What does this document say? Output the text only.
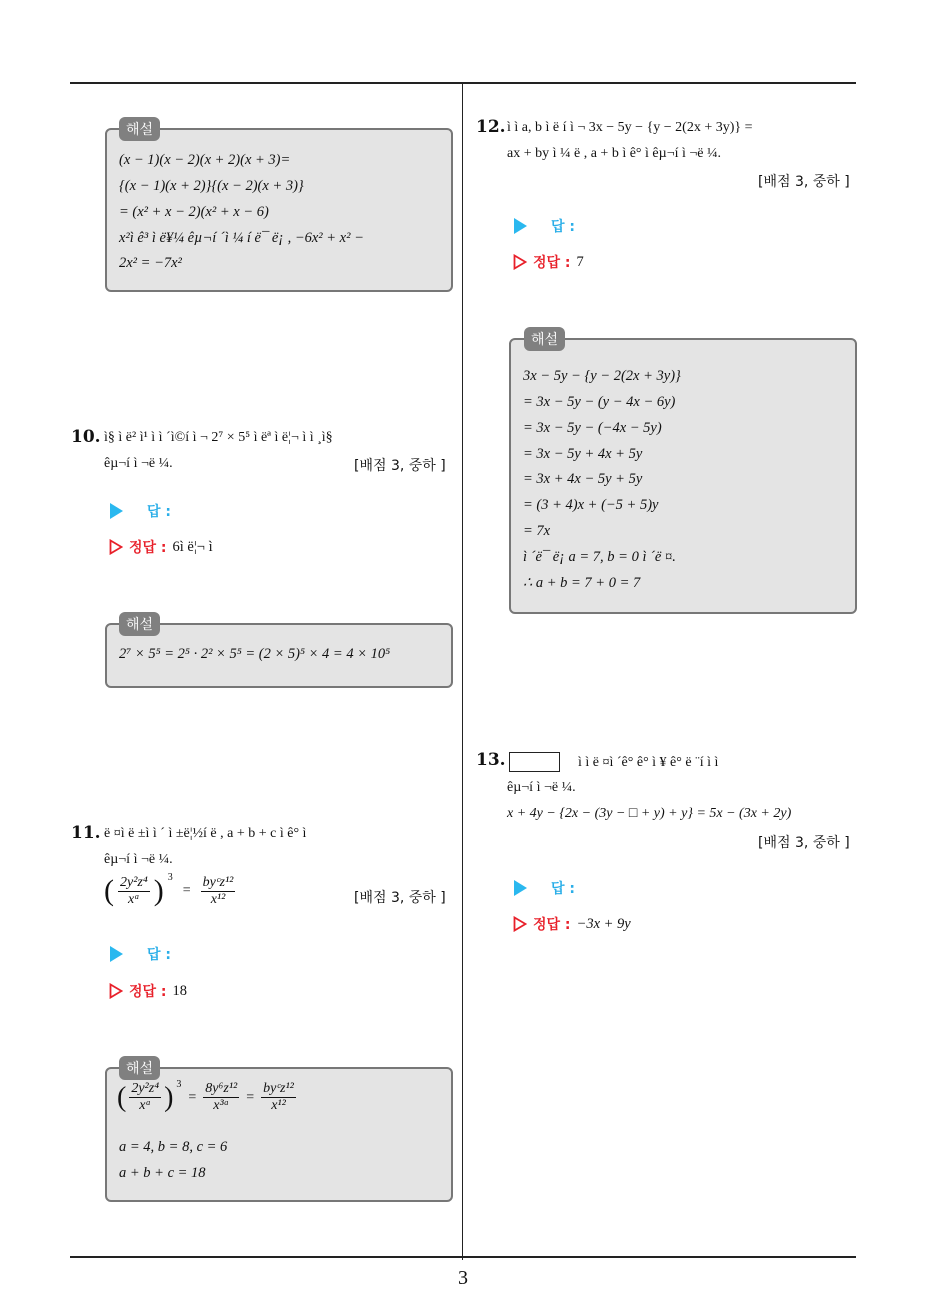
(x − 1)(x − 2)(x + 2)(x + 3)=
{(x − 1)(x + 2)}{(x − 2)(x + 3)}
= (x² + x − 2)(x² + x − 6)
x²ì ê³ ì ë¥¼ êµ¬í ´ì ¼ í ë¯ ë¡ , −6x² + x² −
2x² = −7x²
해설
10. ì§ ì ë² ì¹ ì ì ´ì©í ì ¬ 2⁷ × 5⁵ ì ëª ì ë¦¬ ì ì ¸ì§
êµ¬í ì ¬ë ¼.	[배점 3, 중하 ]
답 :
정답 : 6ì ë¦¬ ì
2⁷ × 5⁵ = 2⁵ · 2² × 5⁵ = (2 × 5)⁵ × 4 = 4 × 10⁵
해설
11. ë ¤ì ë ±ì ì ´ ì ±ë¦½í ë , a + b + c ì ê° ì
êµ¬í ì ¬ë ¼.
( $\frac{\text{2y²z⁴}}{\text{xᵃ}}$ ) 3
= $\frac{\text{byᶜz¹²}}{\text{x¹²}}$	[배점 3, 중하 ]
답 :
정답 : 18
( $\frac{\text{2y²z⁴}}{\text{xᵃ}}$ ) 3
= $\frac{\text{8y⁶z¹²}}{\text{x³ᵃ}} = \frac{\text{byᶜz¹²}}{\text{x¹²}}$
a = 4, b = 8, c = 6
a + b + c = 18
해설
12. ì ì a, b ì ë í ì ¬ 3x − 5y − {y − 2(2x + 3y)} =
ax + by ì ¼ ë , a + b ì ê° ì êµ¬í ì ¬ë ¼.
[배점 3, 중하 ]
답 :
정답 : 7
3x − 5y − {y − 2(2x + 3y)}
= 3x − 5y − (y − 4x − 6y)
= 3x − 5y − (−4x − 5y)
= 3x − 5y + 4x + 5y
= 3x + 4x − 5y + 5y
= (3 + 4)x + (−5 + 5)y
= 7x
ì ´ë¯ ë¡ a = 7, b = 0 ì ´ë ¤.
∴ a + b = 7 + 0 = 7
해설
13.	ì ì ë ¤ì ´ê° ê° ì ¥ ê° ë ¨í ì ì
êµ¬í ì ¬ë ¼.
x + 4y − {2x − (3y − □ + y) + y} = 5x − (3x + 2y)
[배점 3, 중하 ]
답 :
정답 : −3x + 9y
3
